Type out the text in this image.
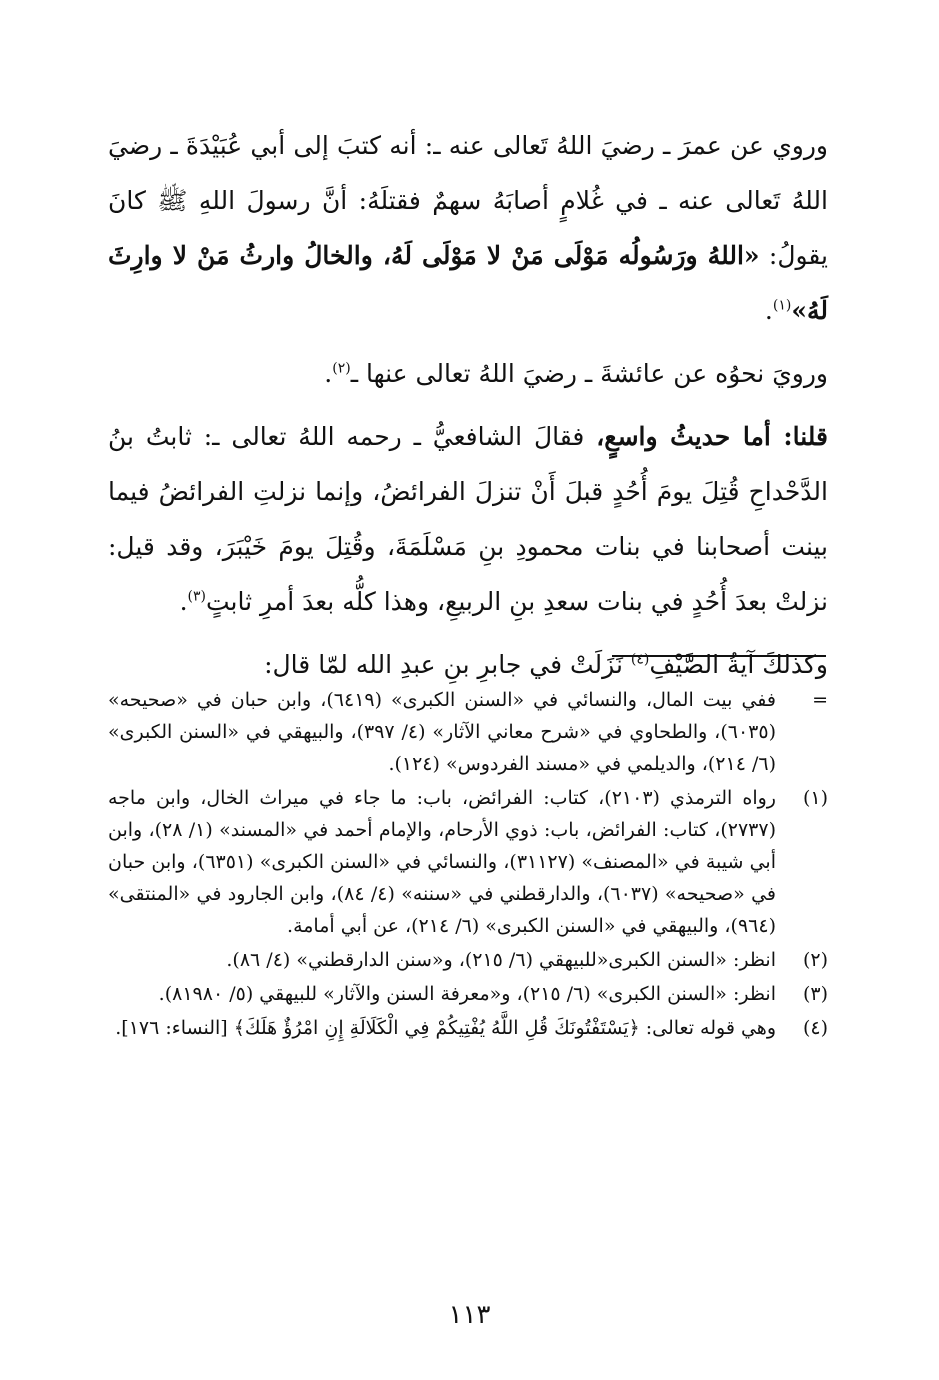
وروي عن عمرَ ـ رضيَ اللهُ تَعالى عنه ـ: أنه كتبَ إلى أبي عُبَيْدَةَ ـ رضيَ اللهُ تَعالى عنه ـ في غُلامٍ أصابَهُ سهمٌ فقتلَهُ: أنَّ رسولَ اللهِ ﷺ كانَ يقولُ: «اللهُ ورَسُولُه مَوْلَى مَنْ لا مَوْلَى لَهُ، والخالُ وارثُ مَنْ لا وارِثَ لَهُ»$^{(١)}$.

ورويَ نحوُه عن عائشةَ ـ رضيَ اللهُ تعالى عنها ـ$^{(٢)}$.

قلنا: أما حديثُ واسعٍ، فقالَ الشافعيُّ ـ رحمه اللهُ تعالى ـ: ثابتُ بنُ الدَّحْداحِ قُتِلَ يومَ أُحُدٍ قبلَ أَنْ تنزلَ الفرائضُ، وإنما نزلتِ الفرائضُ فيما بينت أصحابنا في بنات محمودِ بنِ مَسْلَمَةَ، وقُتِلَ يومَ خَيْبَرَ، وقد قيل: نزلتْ بعدَ أُحُدٍ في بنات سعدِ بنِ الربيعِ، وهذا كلُّه بعدَ أمرِ ثابتٍ$^{(٣)}$.

وكذلكَ آيةُ الصَّيْفِ$^{(٤)}$ نَزَلَتْ في جابرِ بنِ عبدِ الله لمّا قال:

=
ففي بيت المال، والنسائي في «السنن الكبرى» (٦٤١٩)، وابن حبان في «صحيحه» (٦٠٣٥)، والطحاوي في «شرح معاني الآثار» (٤/ ٣٩٧)، والبيهقي في «السنن الكبرى» (٦/ ٢١٤)، والديلمي في «مسند الفردوس» (١٢٤).

(١)
رواه الترمذي (٢١٠٣)، كتاب: الفرائض، باب: ما جاء في ميراث الخال، وابن ماجه (٢٧٣٧)، كتاب: الفرائض، باب: ذوي الأرحام، والإمام أحمد في «المسند» (١/ ٢٨)، وابن أبي شيبة في «المصنف» (٣١١٢٧)، والنسائي في «السنن الكبرى» (٦٣٥١)، وابن حبان في «صحيحه» (٦٠٣٧)، والدارقطني في «سننه» (٤/ ٨٤)، وابن الجارود في «المنتقى» (٩٦٤)، والبيهقي في «السنن الكبرى» (٦/ ٢١٤)، عن أبي أمامة.

(٢)
انظر: «السنن الكبرى«للبيهقي (٦/ ٢١٥)، و«سنن الدارقطني» (٤/ ٨٦).

(٣)
انظر: «السنن الكبرى» (٦/ ٢١٥)، و«معرفة السنن والآثار» للبيهقي (٥/ ٨١٩٨٠).

(٤)
وهي قوله تعالى: ﴿يَسْتَفْتُونَكَ قُلِ اللَّهُ يُفْتِيكُمْ فِي الْكَلَالَةِ إِنِ امْرُؤٌ هَلَكَ﴾ [النساء: ١٧٦].

١١٣
